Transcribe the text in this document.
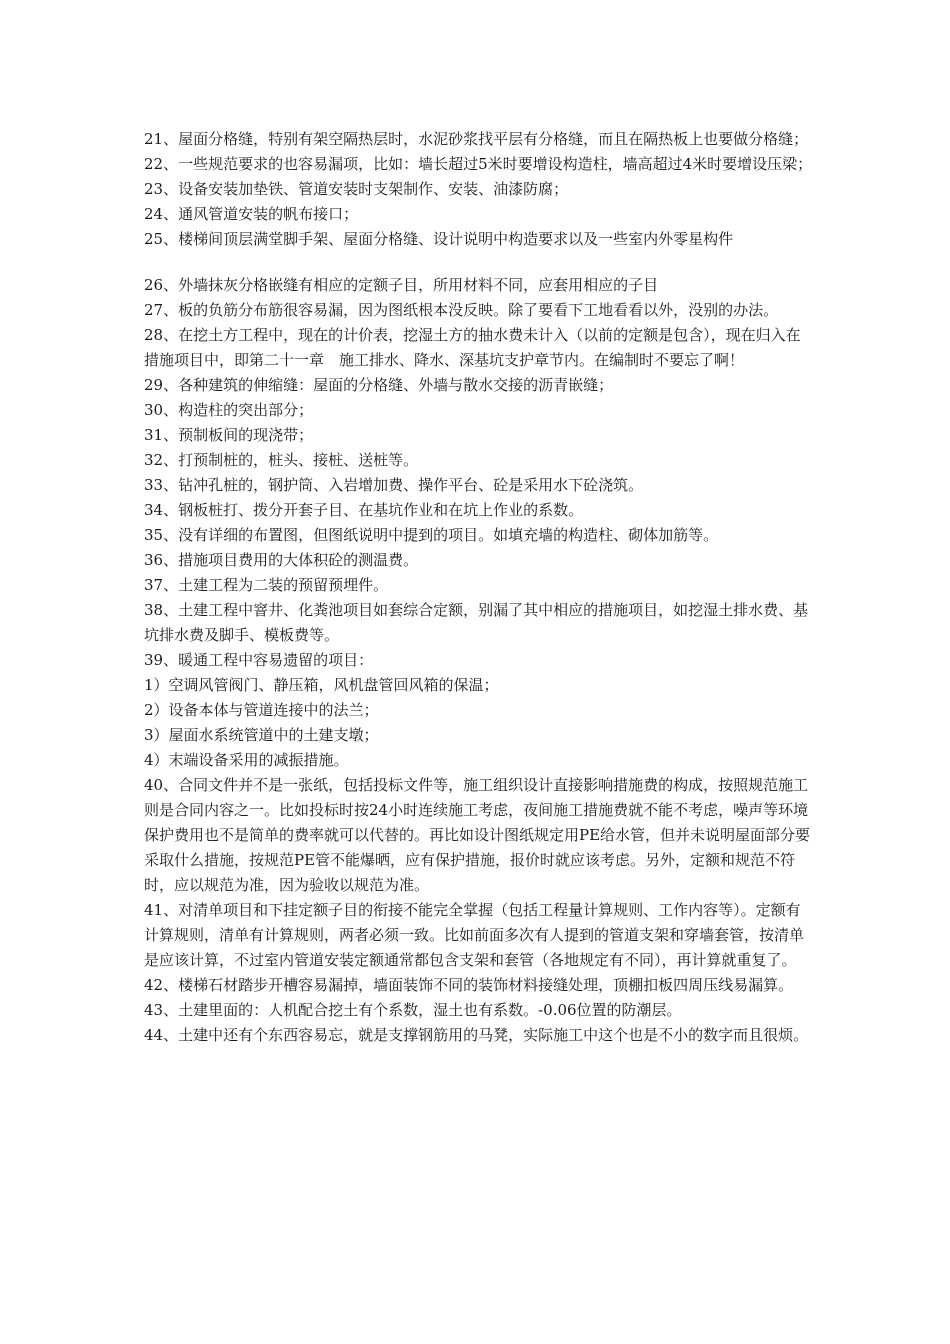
21、屋面分格缝，特别有架空隔热层时，水泥砂浆找平层有分格缝，而且在隔热板上也要做分格缝；

22、一些规范要求的也容易漏项，比如：墙长超过5米时要增设构造柱，墙高超过4米时要增设压梁；

23、设备安装加垫铁、管道安装时支架制作、安装、油漆防腐；

24、通风管道安装的帆布接口；

25、楼梯间顶层满堂脚手架、屋面分格缝、设计说明中构造要求以及一些室内外零星构件

26、外墙抹灰分格嵌缝有相应的定额子目，所用材料不同，应套用相应的子目

27、板的负筋分布筋很容易漏，因为图纸根本没反映。除了要看下工地看看以外，没别的办法。

28、在挖土方工程中，现在的计价表，挖湿土方的抽水费未计入（以前的定额是包含），现在归入在措施项目中，即第二十一章　施工排水、降水、深基坑支护章节内。在编制时不要忘了啊！

29、各种建筑的伸缩缝：屋面的分格缝、外墙与散水交接的沥青嵌缝；

30、构造柱的突出部分；

31、预制板间的现浇带；

32、打预制桩的，桩头、接桩、送桩等。

33、钻冲孔桩的，钢护筒、入岩增加费、操作平台、砼是采用水下砼浇筑。

34、钢板桩打、拨分开套子目、在基坑作业和在坑上作业的系数。

35、没有详细的布置图，但图纸说明中提到的项目。如填充墙的构造柱、砌体加筋等。

36、措施项目费用的大体积砼的测温费。

37、土建工程为二装的预留预埋件。

38、土建工程中窨井、化粪池项目如套综合定额，别漏了其中相应的措施项目，如挖湿土排水费、基坑排水费及脚手、模板费等。

39、暖通工程中容易遗留的项目：

1）空调风管阀门、静压箱，风机盘管回风箱的保温；

2）设备本体与管道连接中的法兰；

3）屋面水系统管道中的土建支墩；

4）末端设备采用的减振措施。

40、合同文件并不是一张纸，包括投标文件等，施工组织设计直接影响措施费的构成，按照规范施工则是合同内容之一。比如投标时按24小时连续施工考虑，夜间施工措施费就不能不考虑，噪声等环境保护费用也不是简单的费率就可以代替的。再比如设计图纸规定用PE给水管，但并未说明屋面部分要采取什么措施，按规范PE管不能爆晒，应有保护措施，报价时就应该考虑。另外，定额和规范不符时，应以规范为准，因为验收以规范为准。

41、对清单项目和下挂定额子目的衔接不能完全掌握（包括工程量计算规则、工作内容等）。定额有计算规则，清单有计算规则，两者必须一致。比如前面多次有人提到的管道支架和穿墙套管，按清单是应该计算，不过室内管道安装定额通常都包含支架和套管（各地规定有不同），再计算就重复了。

42、楼梯石材踏步开槽容易漏掉，墙面装饰不同的装饰材料接缝处理，顶棚扣板四周压线易漏算。

43、土建里面的：人机配合挖土有个系数，湿土也有系数。-0.06位置的防潮层。

44、土建中还有个东西容易忘，就是支撑钢筋用的马凳，实际施工中这个也是不小的数字而且很烦。
